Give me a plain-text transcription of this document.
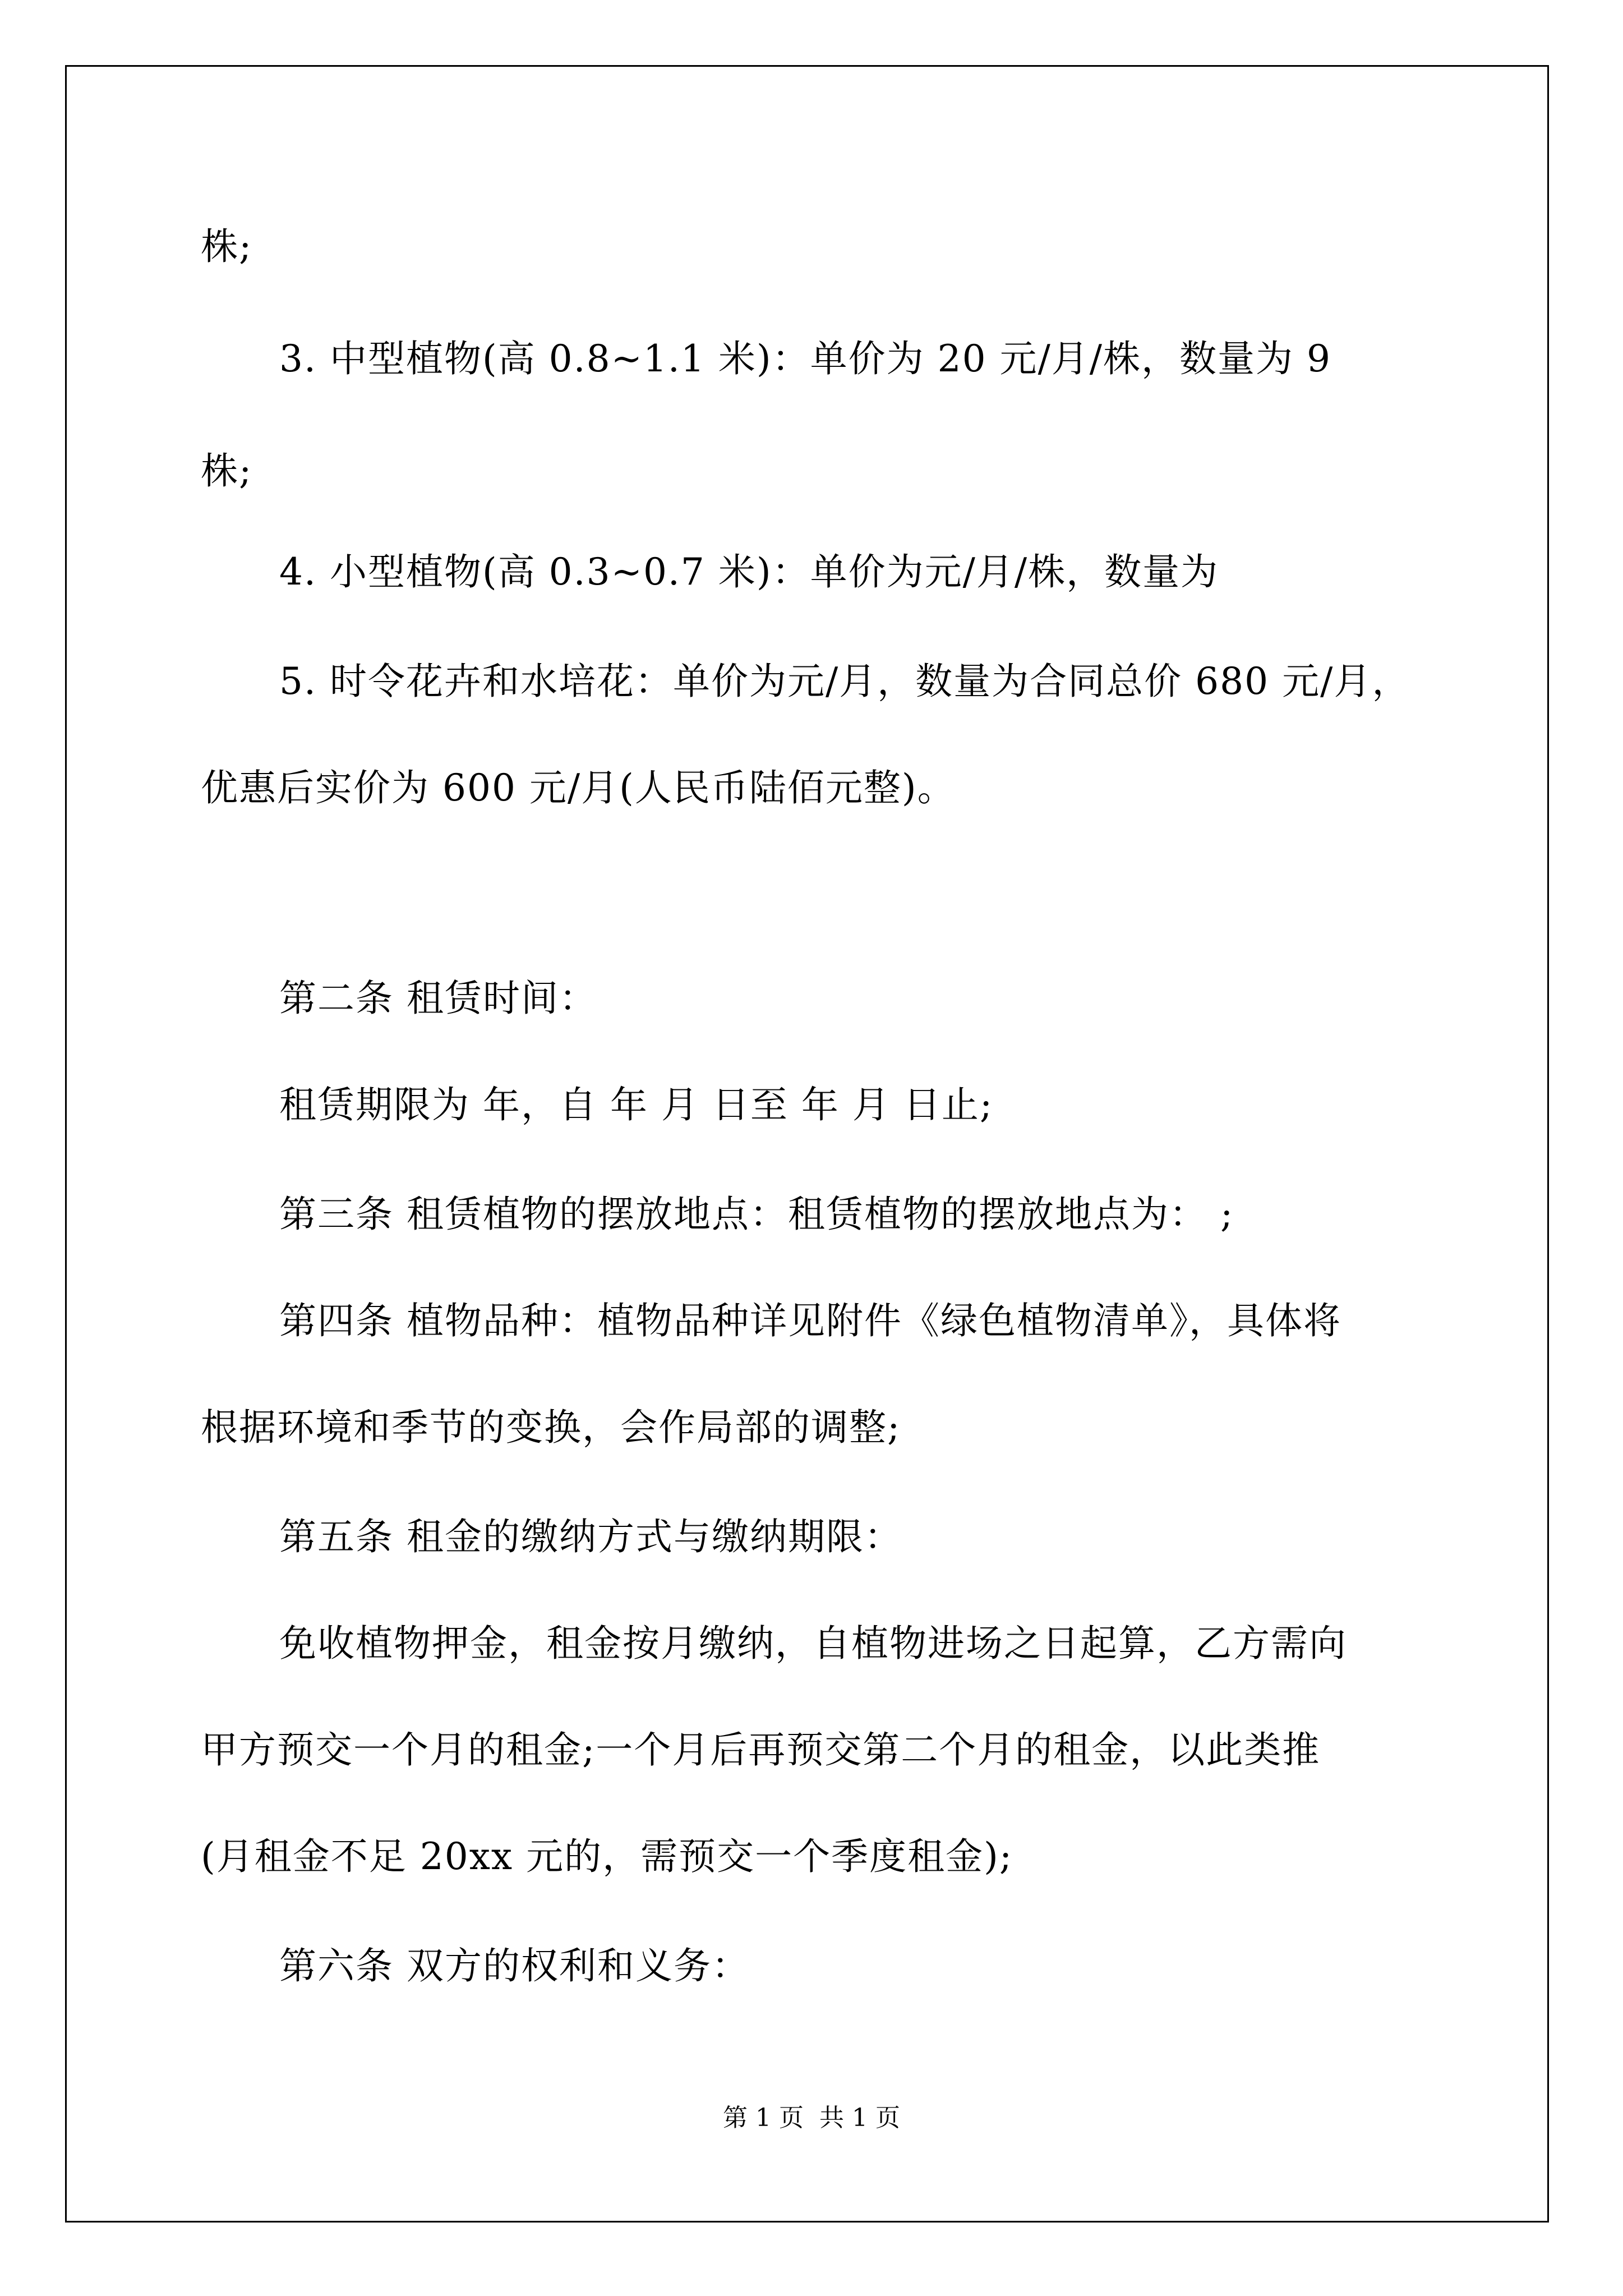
株;
3. 中型植物(高 0.8~1.1 米)：单价为 20 元/月/株，数量为 9
株;
4. 小型植物(高 0.3~0.7 米)：单价为元/月/株，数量为
5. 时令花卉和水培花：单价为元/月，数量为合同总价 680 元/月，
优惠后实价为 600 元/月(人民币陆佰元整)。
第二条 租赁时间：
租赁期限为 年，自 年 月 日至 年 月 日止;
第三条 租赁植物的摆放地点：租赁植物的摆放地点为： ;
第四条 植物品种：植物品种详见附件《绿色植物清单》，具体将
根据环境和季节的变换，会作局部的调整;
第五条 租金的缴纳方式与缴纳期限：
免收植物押金，租金按月缴纳，自植物进场之日起算，乙方需向
甲方预交一个月的租金;一个月后再预交第二个月的租金，以此类推
(月租金不足 20xx 元的，需预交一个季度租金);
第六条 双方的权利和义务：
第 1 页  共 1 页
